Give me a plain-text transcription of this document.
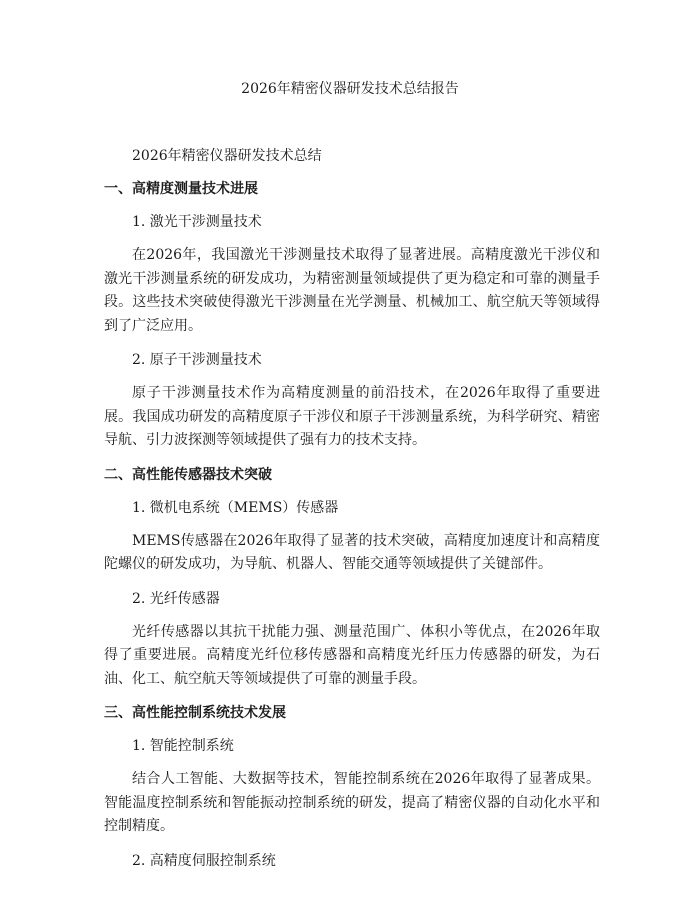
2026年精密仪器研发技术总结报告

2026年精密仪器研发技术总结

一、高精度测量技术进展

1. 激光干涉测量技术

在2026年，我国激光干涉测量技术取得了显著进展。高精度激光干涉仪和激光干涉测量系统的研发成功，为精密测量领域提供了更为稳定和可靠的测量手段。这些技术突破使得激光干涉测量在光学测量、机械加工、航空航天等领域得到了广泛应用。

2. 原子干涉测量技术

原子干涉测量技术作为高精度测量的前沿技术，在2026年取得了重要进展。我国成功研发的高精度原子干涉仪和原子干涉测量系统，为科学研究、精密导航、引力波探测等领域提供了强有力的技术支持。

二、高性能传感器技术突破

1. 微机电系统（MEMS）传感器

MEMS传感器在2026年取得了显著的技术突破，高精度加速度计和高精度陀螺仪的研发成功，为导航、机器人、智能交通等领域提供了关键部件。

2. 光纤传感器

光纤传感器以其抗干扰能力强、测量范围广、体积小等优点，在2026年取得了重要进展。高精度光纤位移传感器和高精度光纤压力传感器的研发，为石油、化工、航空航天等领域提供了可靠的测量手段。

三、高性能控制系统技术发展

1. 智能控制系统

结合人工智能、大数据等技术，智能控制系统在2026年取得了显著成果。智能温度控制系统和智能振动控制系统的研发，提高了精密仪器的自动化水平和控制精度。

2. 高精度伺服控制系统
